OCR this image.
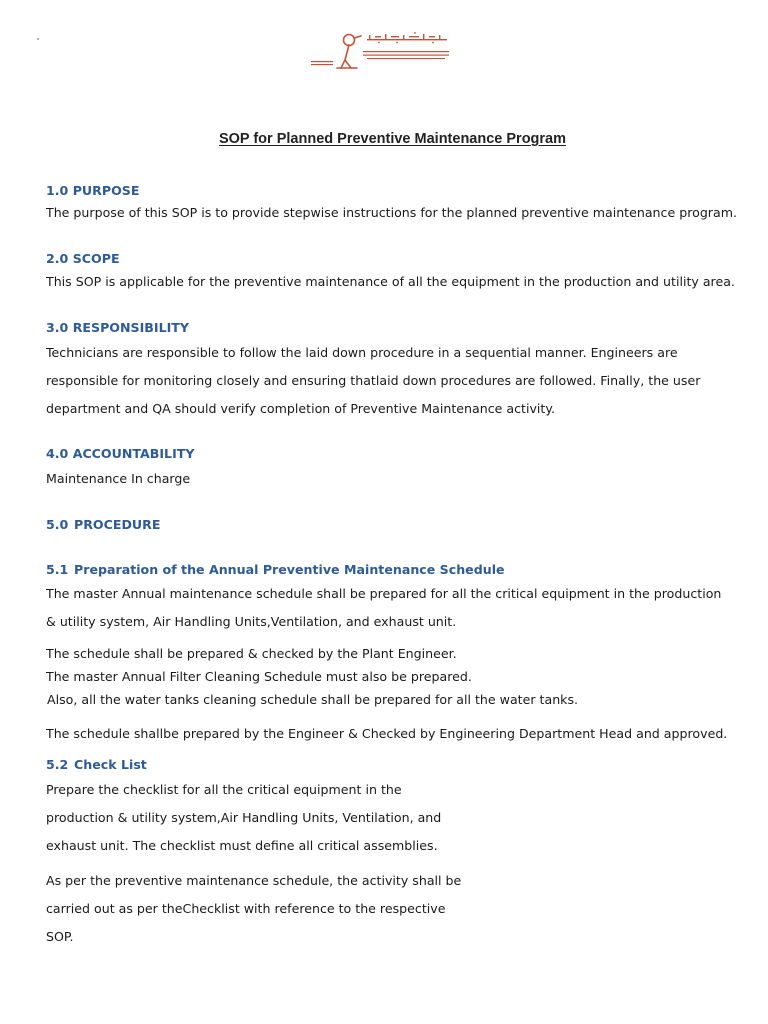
SOP for Planned Preventive Maintenance Program
1.0 PURPOSE
The purpose of this SOP is to provide stepwise instructions for the planned preventive maintenance program.
2.0 SCOPE
This SOP is applicable for the preventive maintenance of all the equipment in the production and utility area.
3.0 RESPONSIBILITY
Technicians are responsible to follow the laid down procedure in a sequential manner. Engineers are
responsible for monitoring closely and ensuring thatlaid down procedures are followed. Finally, the user
department and QA should verify completion of Preventive Maintenance activity.
4.0 ACCOUNTABILITY
Maintenance In charge
5.0 PROCEDURE
5.1 Preparation of the Annual Preventive Maintenance Schedule
The master Annual maintenance schedule shall be prepared for all the critical equipment in the production
& utility system, Air Handling Units,Ventilation, and exhaust unit.
The schedule shall be prepared & checked by the Plant Engineer.
The master Annual Filter Cleaning Schedule must also be prepared.
Also, all the water tanks cleaning schedule shall be prepared for all the water tanks.
The schedule shallbe prepared by the Engineer & Checked by Engineering Department Head and approved.
5.2 Check List
Prepare the checklist for all the critical equipment in the
production & utility system,Air Handling Units, Ventilation, and
exhaust unit. The checklist must define all critical assemblies.
As per the preventive maintenance schedule, the activity shall be
carried out as per theChecklist with reference to the respective
SOP.
